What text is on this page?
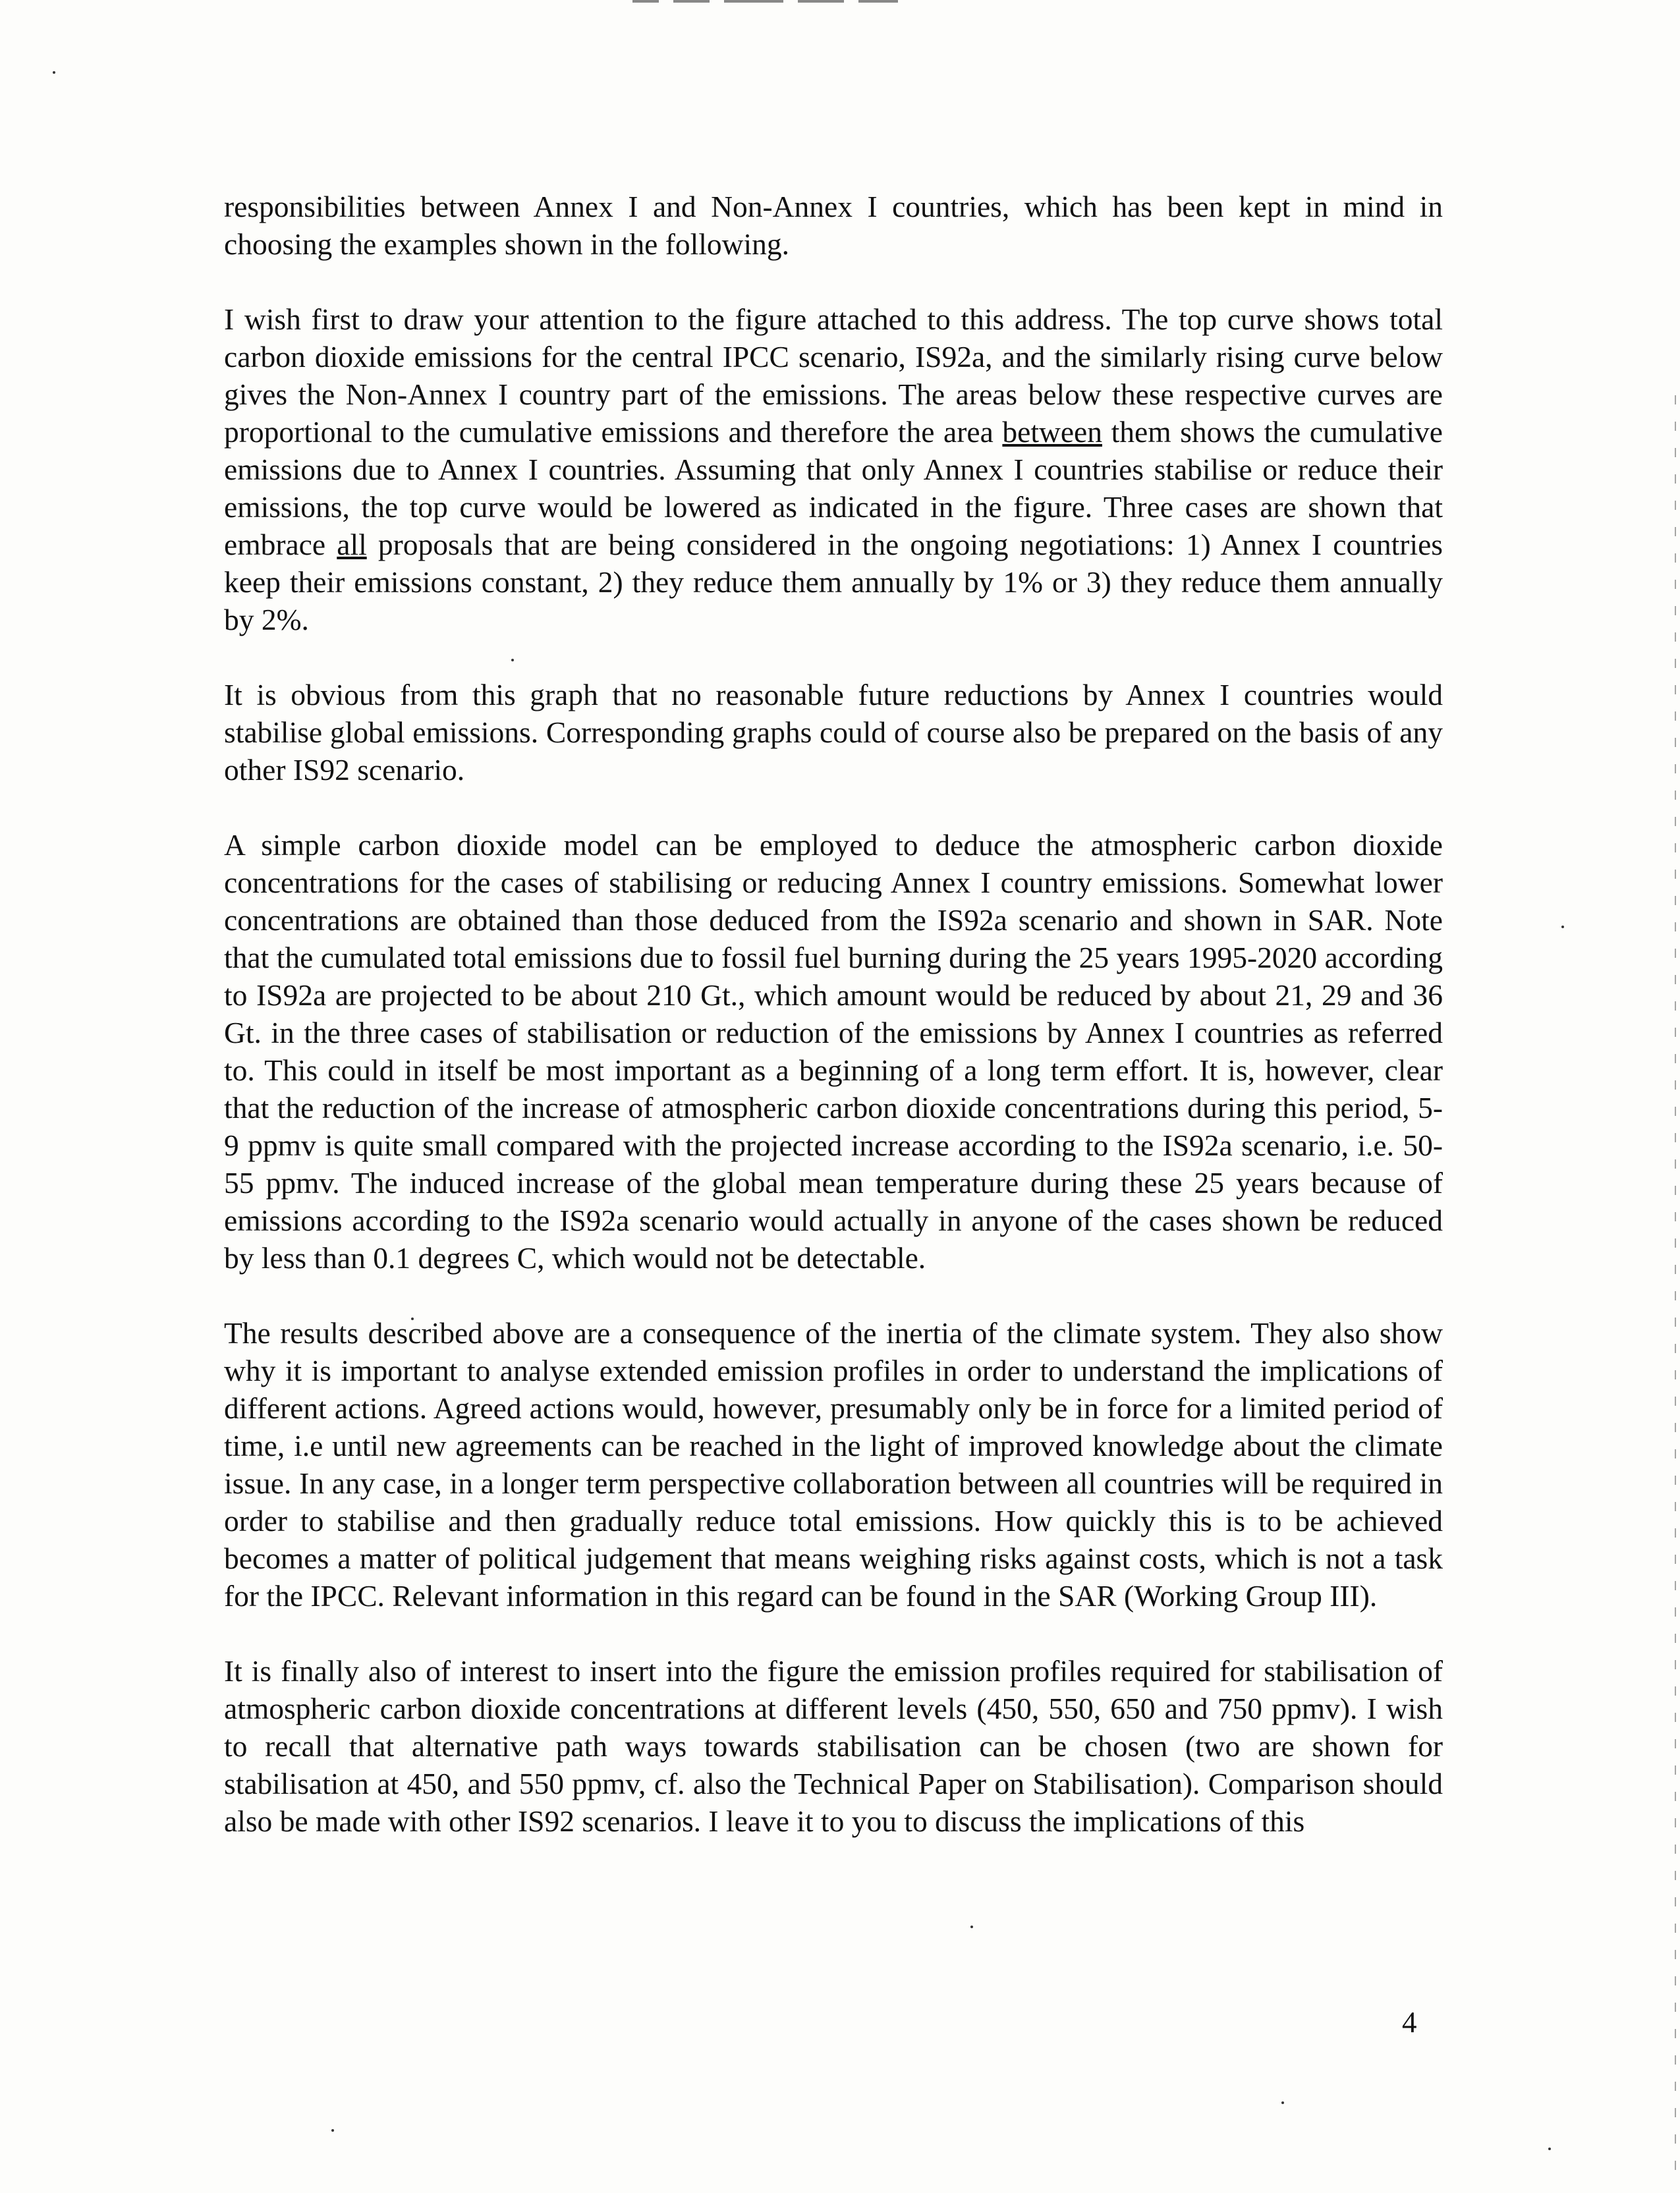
responsibilities between Annex I and Non-Annex I countries, which has been kept in mind in choosing the examples shown in the following.

I wish first to draw your attention to the figure attached to this address. The top curve shows total carbon dioxide emissions for the central IPCC scenario, IS92a, and the similarly rising curve below gives the Non-Annex I country part of the emissions. The areas below these respective curves are proportional to the cumulative emissions and therefore the area between them shows the cumulative emissions due to Annex I countries. Assuming that only Annex I countries stabilise or reduce their emissions, the top curve would be lowered as indicated in the figure. Three cases are shown that embrace all proposals that are being considered in the ongoing negotiations: 1) Annex I countries keep their emissions constant, 2) they reduce them annually by 1% or 3) they reduce them annually by 2%.

It is obvious from this graph that no reasonable future reductions by Annex I countries would stabilise global emissions. Corresponding graphs could of course also be prepared on the basis of any other IS92 scenario.

A simple carbon dioxide model can be employed to deduce the atmospheric carbon dioxide concentrations for the cases of stabilising or reducing Annex I country emissions. Somewhat lower concentrations are obtained than those deduced from the IS92a scenario and shown in SAR. Note that the cumulated total emissions due to fossil fuel burning during the 25 years 1995-2020 according to IS92a are projected to be about 210 Gt., which amount would be reduced by about 21, 29 and 36 Gt. in the three cases of stabilisation or reduction of the emissions by Annex I countries as referred to. This could in itself be most important as a beginning of a long term effort. It is, however, clear that the reduction of the increase of atmospheric carbon dioxide concentrations during this period, 5-9 ppmv is quite small compared with the projected increase according to the IS92a scenario, i.e. 50-55 ppmv. The induced increase of the global mean temperature during these 25 years because of emissions according to the IS92a scenario would actually in anyone of the cases shown be reduced by less than 0.1 degrees C, which would not be detectable.

The results described above are a consequence of the inertia of the climate system. They also show why it is important to analyse extended emission profiles in order to understand the implications of different actions. Agreed actions would, however, presumably only be in force for a limited period of time, i.e until new agreements can be reached in the light of improved knowledge about the climate issue. In any case, in a longer term perspective collaboration between all countries will be required in order to stabilise and then gradually reduce total emissions. How quickly this is to be achieved becomes a matter of political judgement that means weighing risks against costs, which is not a task for the IPCC. Relevant information in this regard can be found in the SAR (Working Group III).

It is finally also of interest to insert into the figure the emission profiles required for stabilisation of atmospheric carbon dioxide concentrations at different levels (450, 550, 650 and 750 ppmv). I wish to recall that alternative path ways towards stabilisation can be chosen (two are shown for stabilisation at 450, and 550 ppmv, cf. also the Technical Paper on Stabilisation). Comparison should also be made with other IS92 scenarios. I leave it to you to discuss the implications of this

4
